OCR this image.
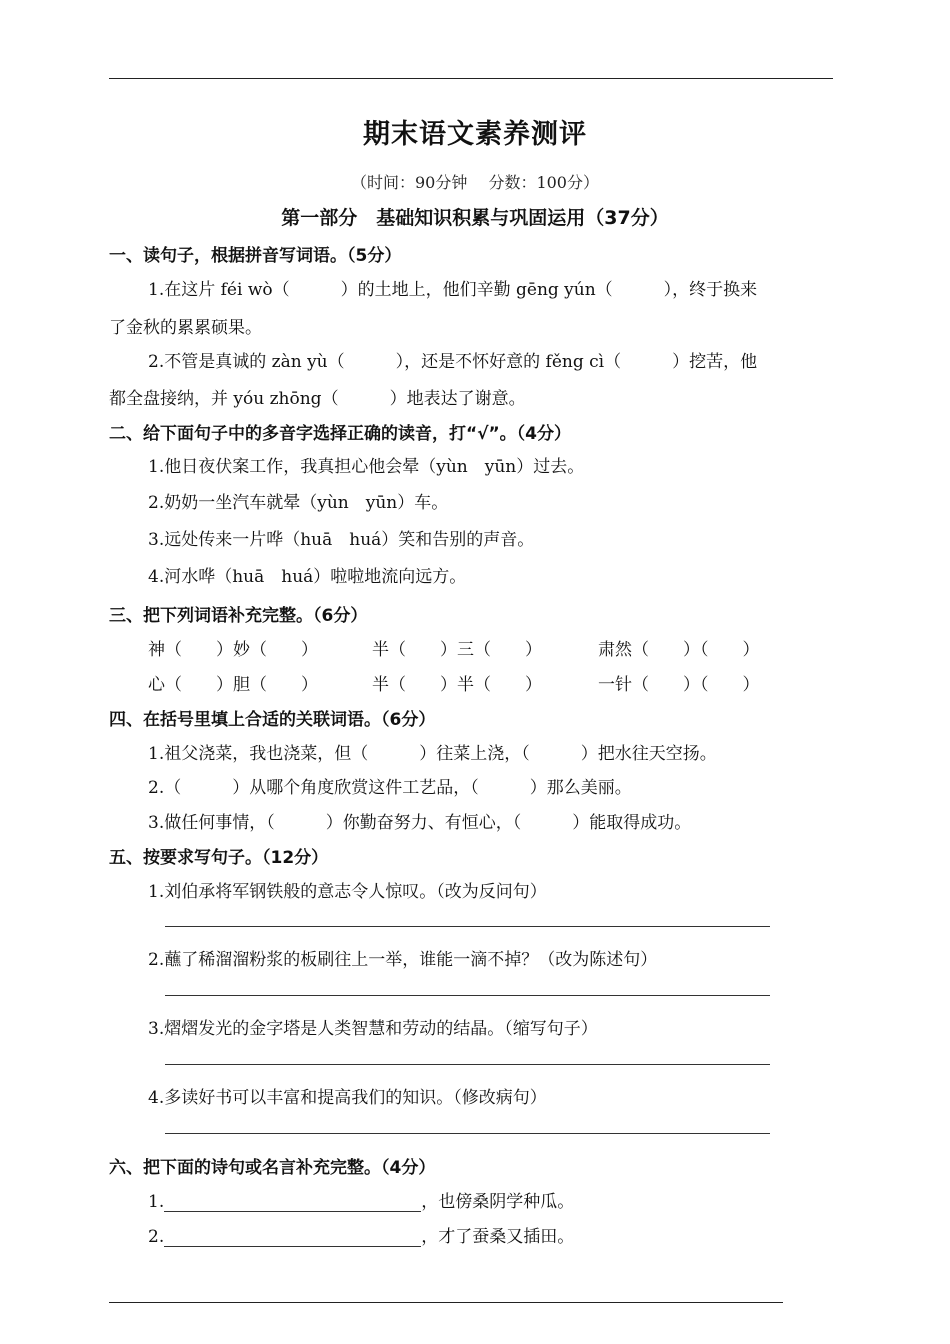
期末语文素养测评
（时间：90分钟　 分数：100分）
第一部分　基础知识积累与巩固运用（37分）
一、读句子，根据拼音写词语。（5分）
1.在这片 féi wò（　　　）的土地上，他们辛勤 gēng yún（　　　），终于换来
了金秋的累累硕果。
2.不管是真诚的 zàn yù（　　　），还是不怀好意的 fěng cì（　　　）挖苦，他
都全盘接纳，并 yóu zhōng（　　　）地表达了谢意。
二、给下面句子中的多音字选择正确的读音，打“√”。（4分）
1.他日夜伏案工作，我真担心他会晕（yùn　yūn）过去。
2.奶奶一坐汽车就晕（yùn　yūn）车。
3.远处传来一片哗（huā　huá）笑和告别的声音。
4.河水哗（huā　huá）啦啦地流向远方。
三、把下列词语补充完整。（6分）
神（　　）妙（　　）	半（　　）三（　　）	肃然（　　）（　　）
心（　　）胆（　　）	半（　　）半（　　）	一针（　　）（　　）
四、在括号里填上合适的关联词语。（6分）
1.祖父浇菜，我也浇菜，但（　　　）往菜上浇，（　　　）把水往天空扬。
2.（　　　）从哪个角度欣赏这件工艺品，（　　　）那么美丽。
3.做任何事情，（　　　）你勤奋努力、有恒心，（　　　）能取得成功。
五、按要求写句子。（12分）
1.刘伯承将军钢铁般的意志令人惊叹。（改为反问句）
2.蘸了稀溜溜粉浆的板刷往上一举，谁能一滴不掉？（改为陈述句）
3.熠熠发光的金字塔是人类智慧和劳动的结晶。（缩写句子）
4.多读好书可以丰富和提高我们的知识。（修改病句）
六、把下面的诗句或名言补充完整。（4分）
1.	，也傍桑阴学种瓜。
2.	，才了蚕桑又插田。
